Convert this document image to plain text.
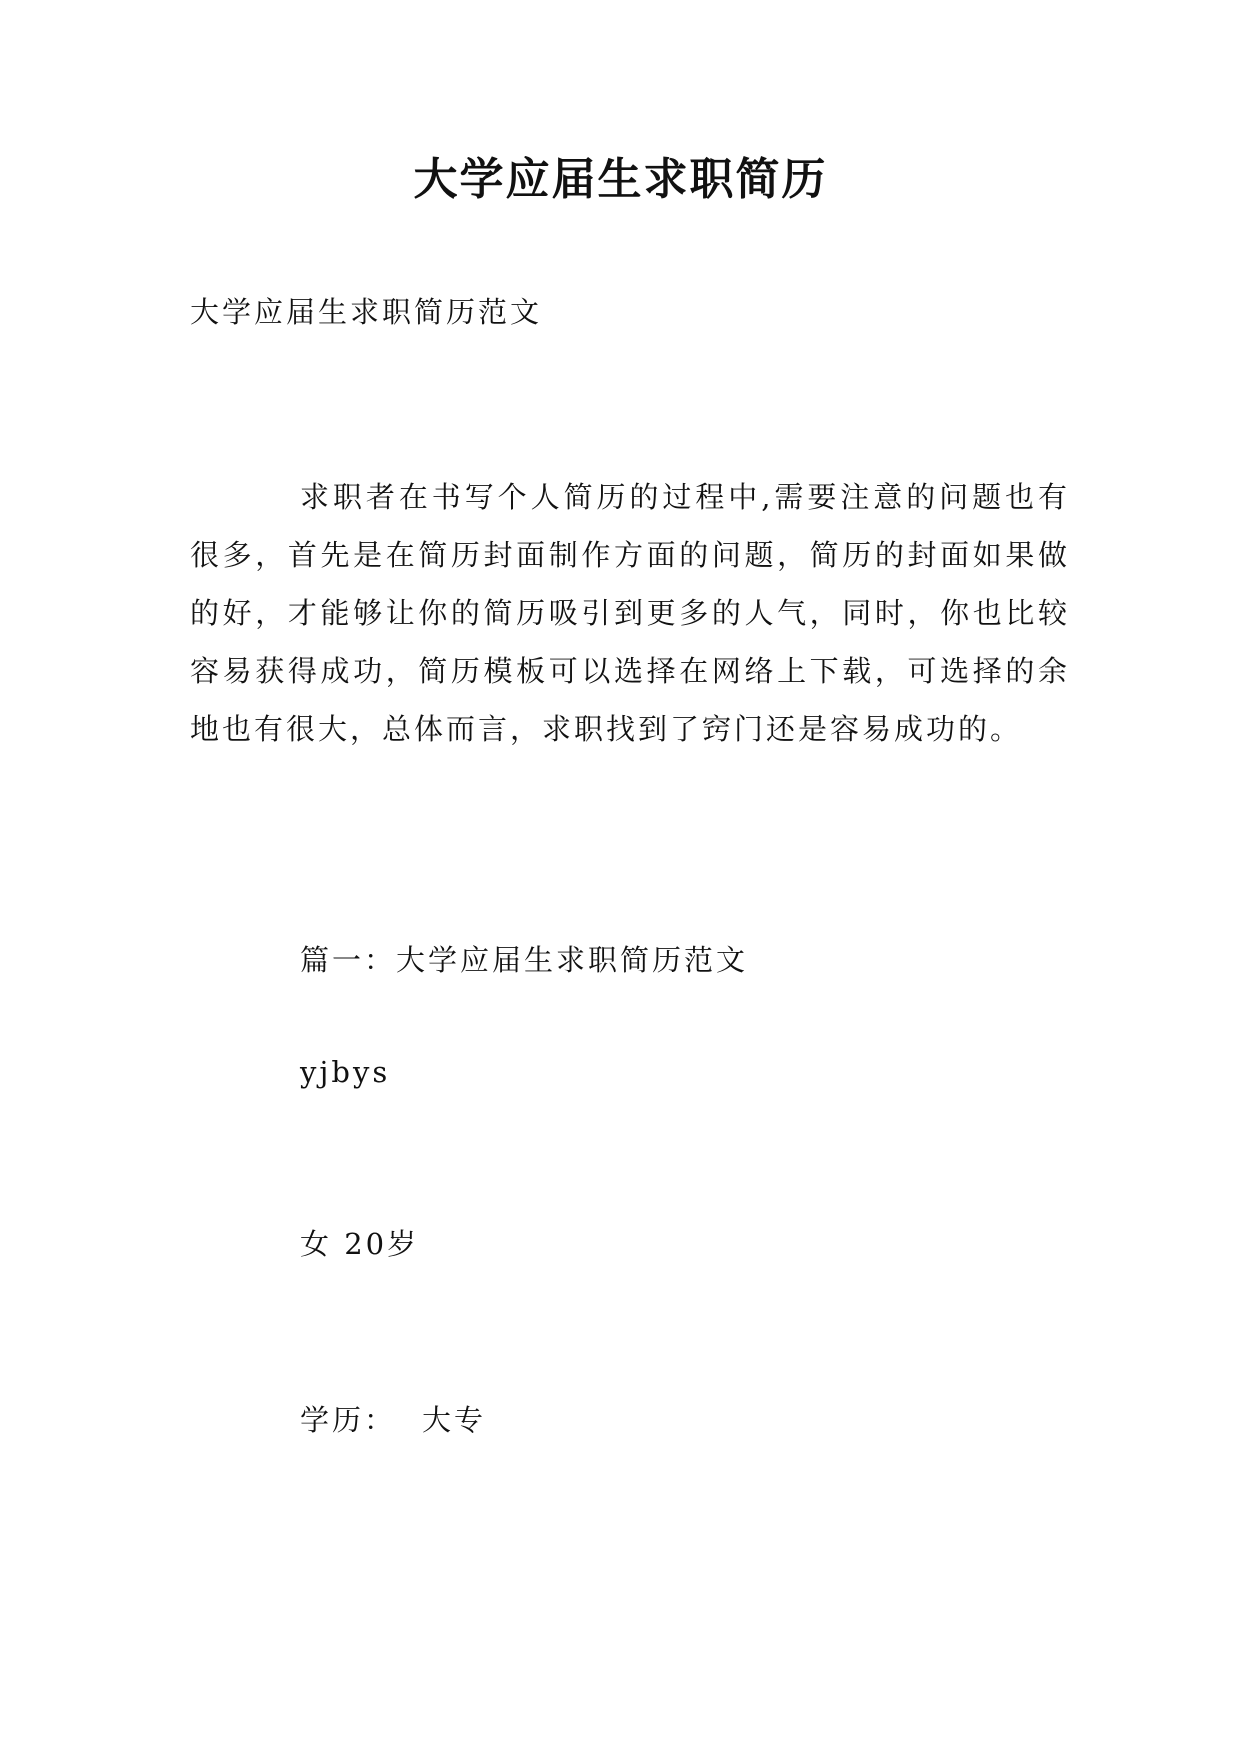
大学应届生求职简历
大学应届生求职简历范文

求职者在书写个人简历的过程中,需要注意的问题也有很多，首先是在简历封面制作方面的问题，简历的封面如果做的好，才能够让你的简历吸引到更多的人气，同时，你也比较容易获得成功，简历模板可以选择在网络上下载，可选择的余地也有很大，总体而言，求职找到了窍门还是容易成功的。

篇一：大学应届生求职简历范文
yjbys
女 20岁
学历： 大专
